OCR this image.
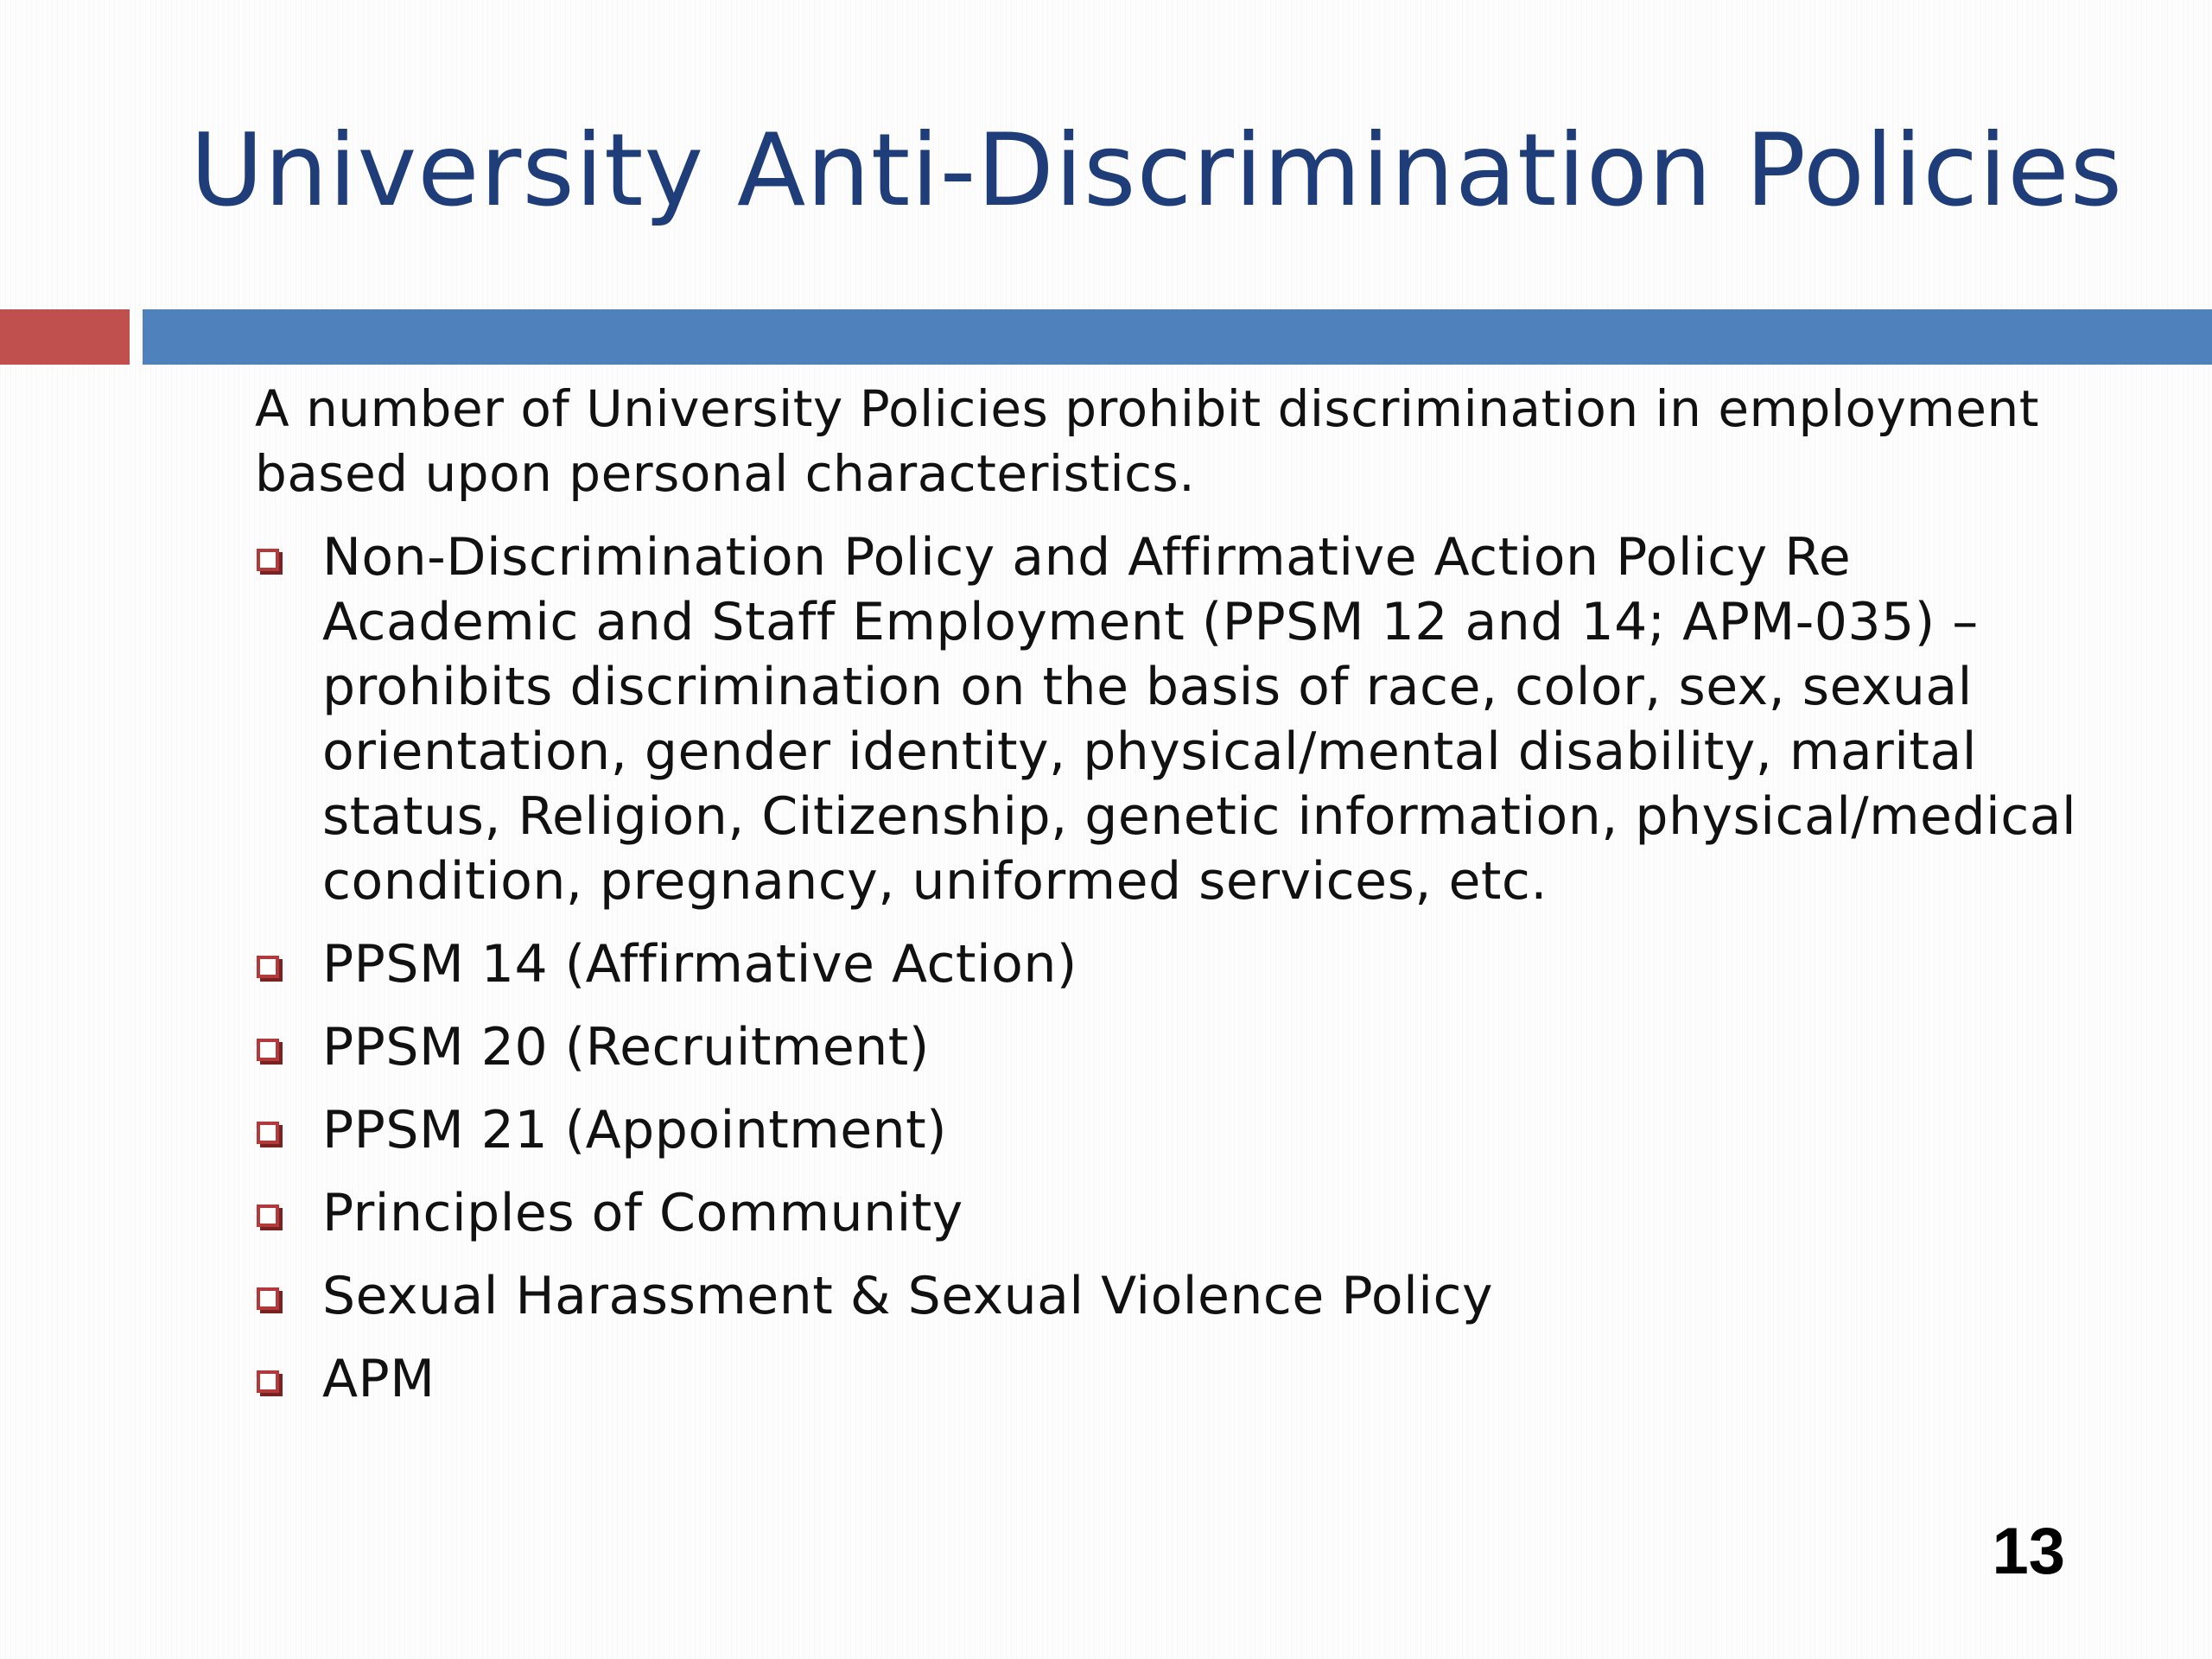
University Anti-Discrimination Policies

A number of University Policies prohibit discrimination in employment based upon personal characteristics.

Non-Discrimination Policy and Affirmative Action Policy Re Academic and Staff Employment (PPSM 12 and 14; APM-035) – prohibits discrimination on the basis of race, color, sex, sexual orientation, gender identity, physical/mental disability, marital status, Religion, Citizenship, genetic information, physical/medical condition, pregnancy, uniformed services, etc.
PPSM 14 (Affirmative Action)
PPSM 20 (Recruitment)
PPSM 21 (Appointment)
Principles of Community
Sexual Harassment & Sexual Violence Policy
APM
13
